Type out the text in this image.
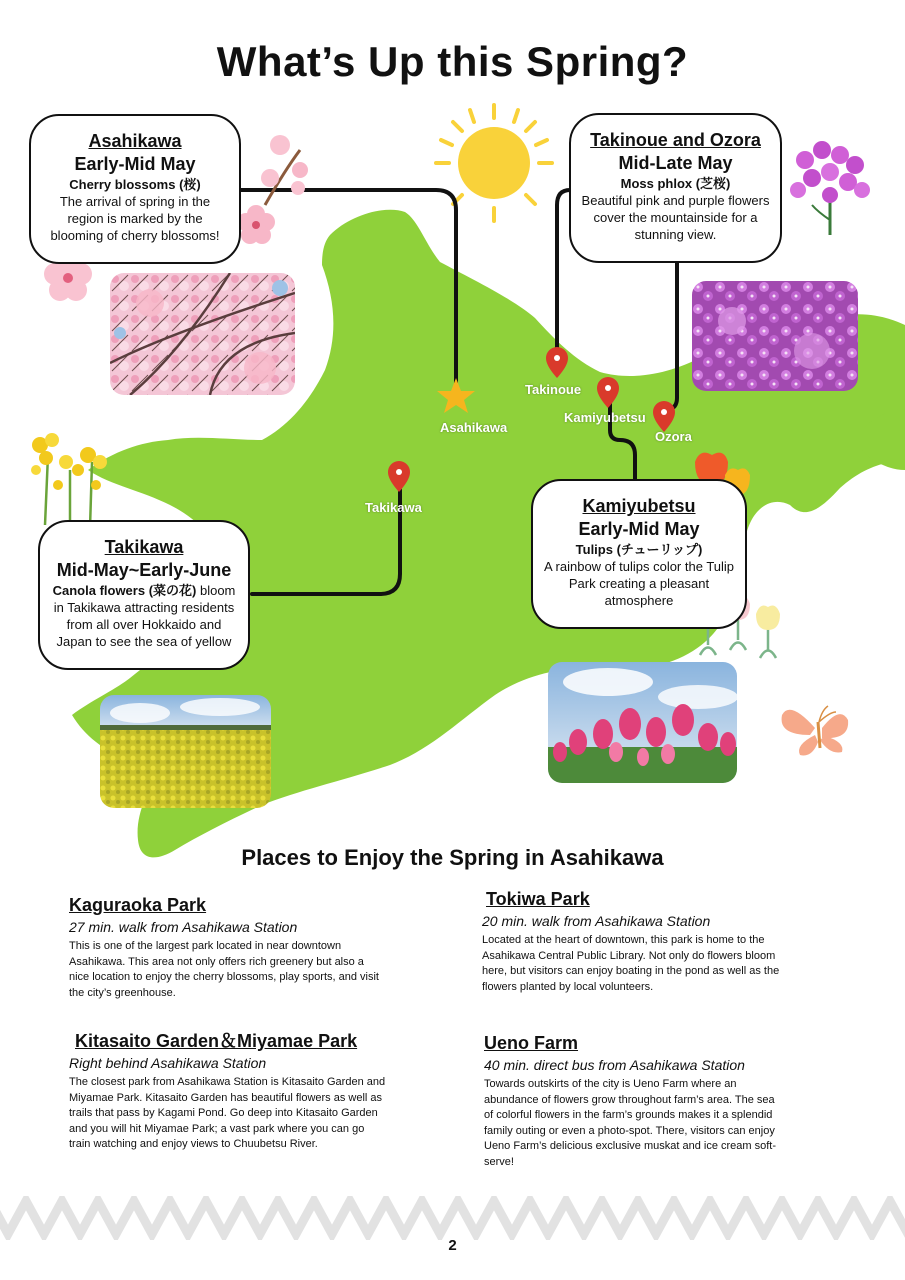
What’s Up this Spring?
Asahikawa
Takinoue
Kamiyubetsu
Ozora
Takikawa
Asahikawa
Early-Mid May
Cherry blossoms (桜)
The arrival of spring in the region is marked by the blooming of cherry blossoms!
Takinoue and Ozora
Mid-Late May
Moss phlox (芝桜)
Beautiful pink and purple flowers cover the mountainside for a stunning view.
Kamiyubetsu
Early-Mid May
Tulips (チューリップ)
A rainbow of tulips color the Tulip Park creating a pleasant atmosphere
Takikawa
Mid-May~Early-June
Canola flowers (菜の花) bloom in Takikawa attracting residents from all over Hokkaido and Japan to see the sea of yellow
Places to Enjoy the Spring in Asahikawa
Kaguraoka Park
27 min. walk from Asahikawa Station
This is one of the largest park located in near downtown Asahikawa. This area not only offers rich greenery but also a nice location to enjoy the cherry blossoms, play sports, and visit the city’s greenhouse.
Tokiwa Park
20 min. walk from Asahikawa Station
Located at the heart of downtown, this park is home to the Asahikawa Central Public Library. Not only do flowers bloom here, but visitors can enjoy boating in the pond as well as the flowers planted by local volunteers.
Kitasaito Garden＆Miyamae Park
Right behind Asahikawa Station
The closest park from Asahikawa Station is Kitasaito Garden and Miyamae Park. Kitasaito Garden has beautiful flowers as well as trails that pass by Kagami Pond. Go deep into Kitasaito Garden and you will hit Miyamae Park; a vast park where you can go train watching and enjoy views to Chuubetsu River.
Ueno Farm
40 min. direct bus from Asahikawa Station
Towards outskirts of the city is Ueno Farm where an abundance of flowers grow throughout farm’s area. The sea of colorful flowers in the farm’s grounds makes it a splendid family outing or even a photo-spot. There, visitors can enjoy Ueno Farm’s delicious exclusive muskat and ice cream soft-serve!
2
